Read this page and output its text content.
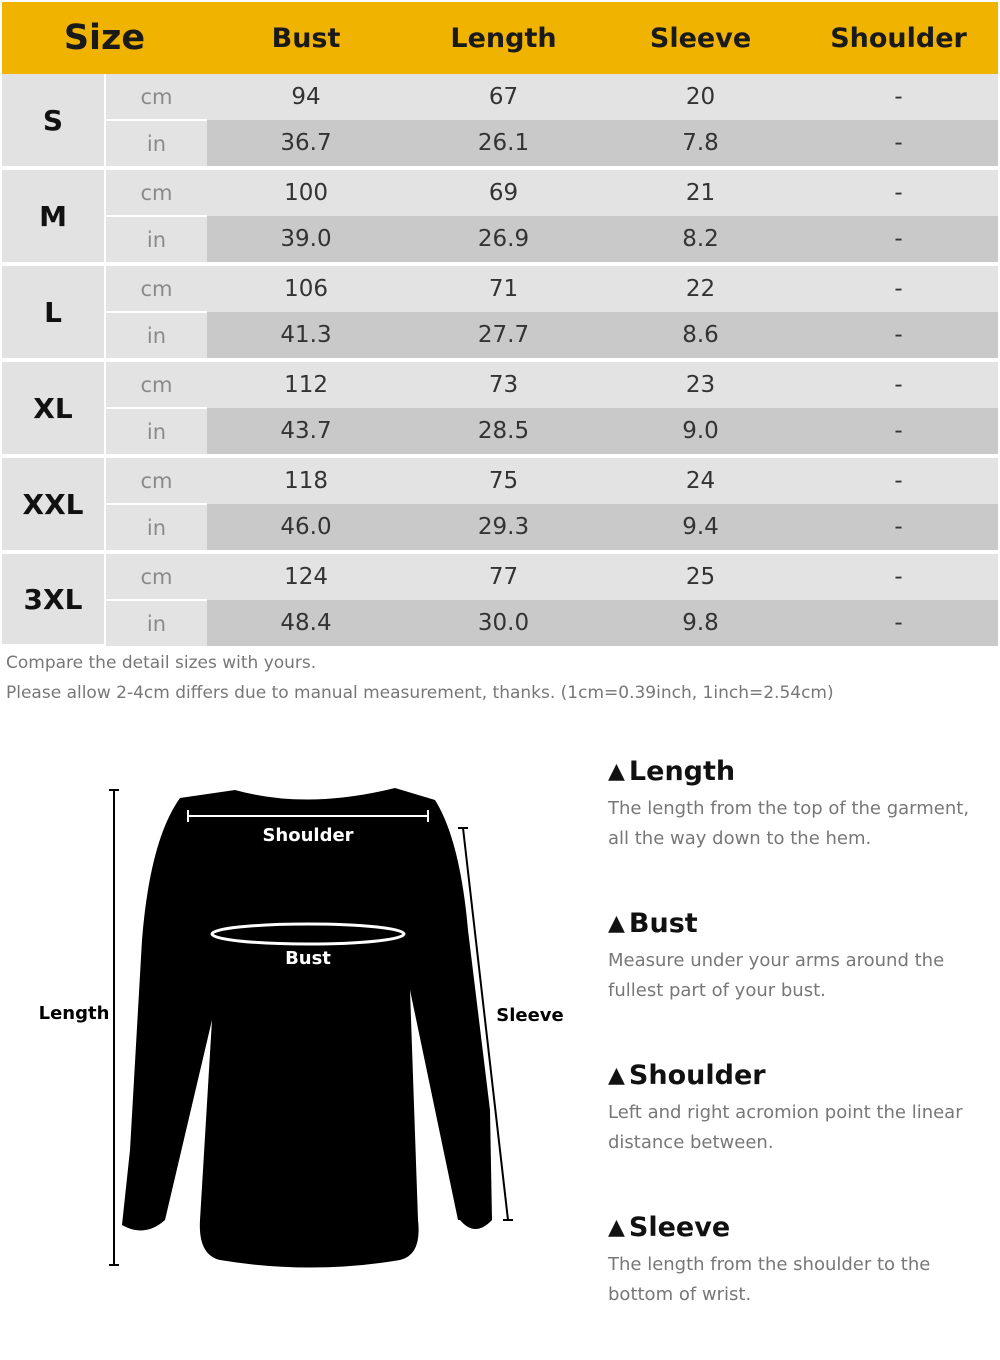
Size		Bust	Length	Sleeve	Shoulder
S	cm	94	67	20	-
	in	36.7	26.1	7.8	-
M	cm	100	69	21	-
	in	39.0	26.9	8.2	-
L	cm	106	71	22	-
	in	41.3	27.7	8.6	-
XL	cm	112	73	23	-
	in	43.7	28.5	9.0	-
XXL	cm	118	75	24	-
	in	46.0	29.3	9.4	-
3XL	cm	124	77	25	-
	in	48.4	30.0	9.8	-
Compare the detail sizes with yours.
Please allow 2-4cm differs due to manual measurement, thanks. (1cm=0.39inch, 1inch=2.54cm)
Shoulder
Bust
Length	Sleeve
▲ Length
The length from the top of the garment, all the way down to the hem.
▲ Bust
Measure under your arms around the fullest part of your bust.
▲ Shoulder
Left and right acromion point the linear distance between.
▲ Sleeve
The length from the shoulder to the bottom of wrist.
